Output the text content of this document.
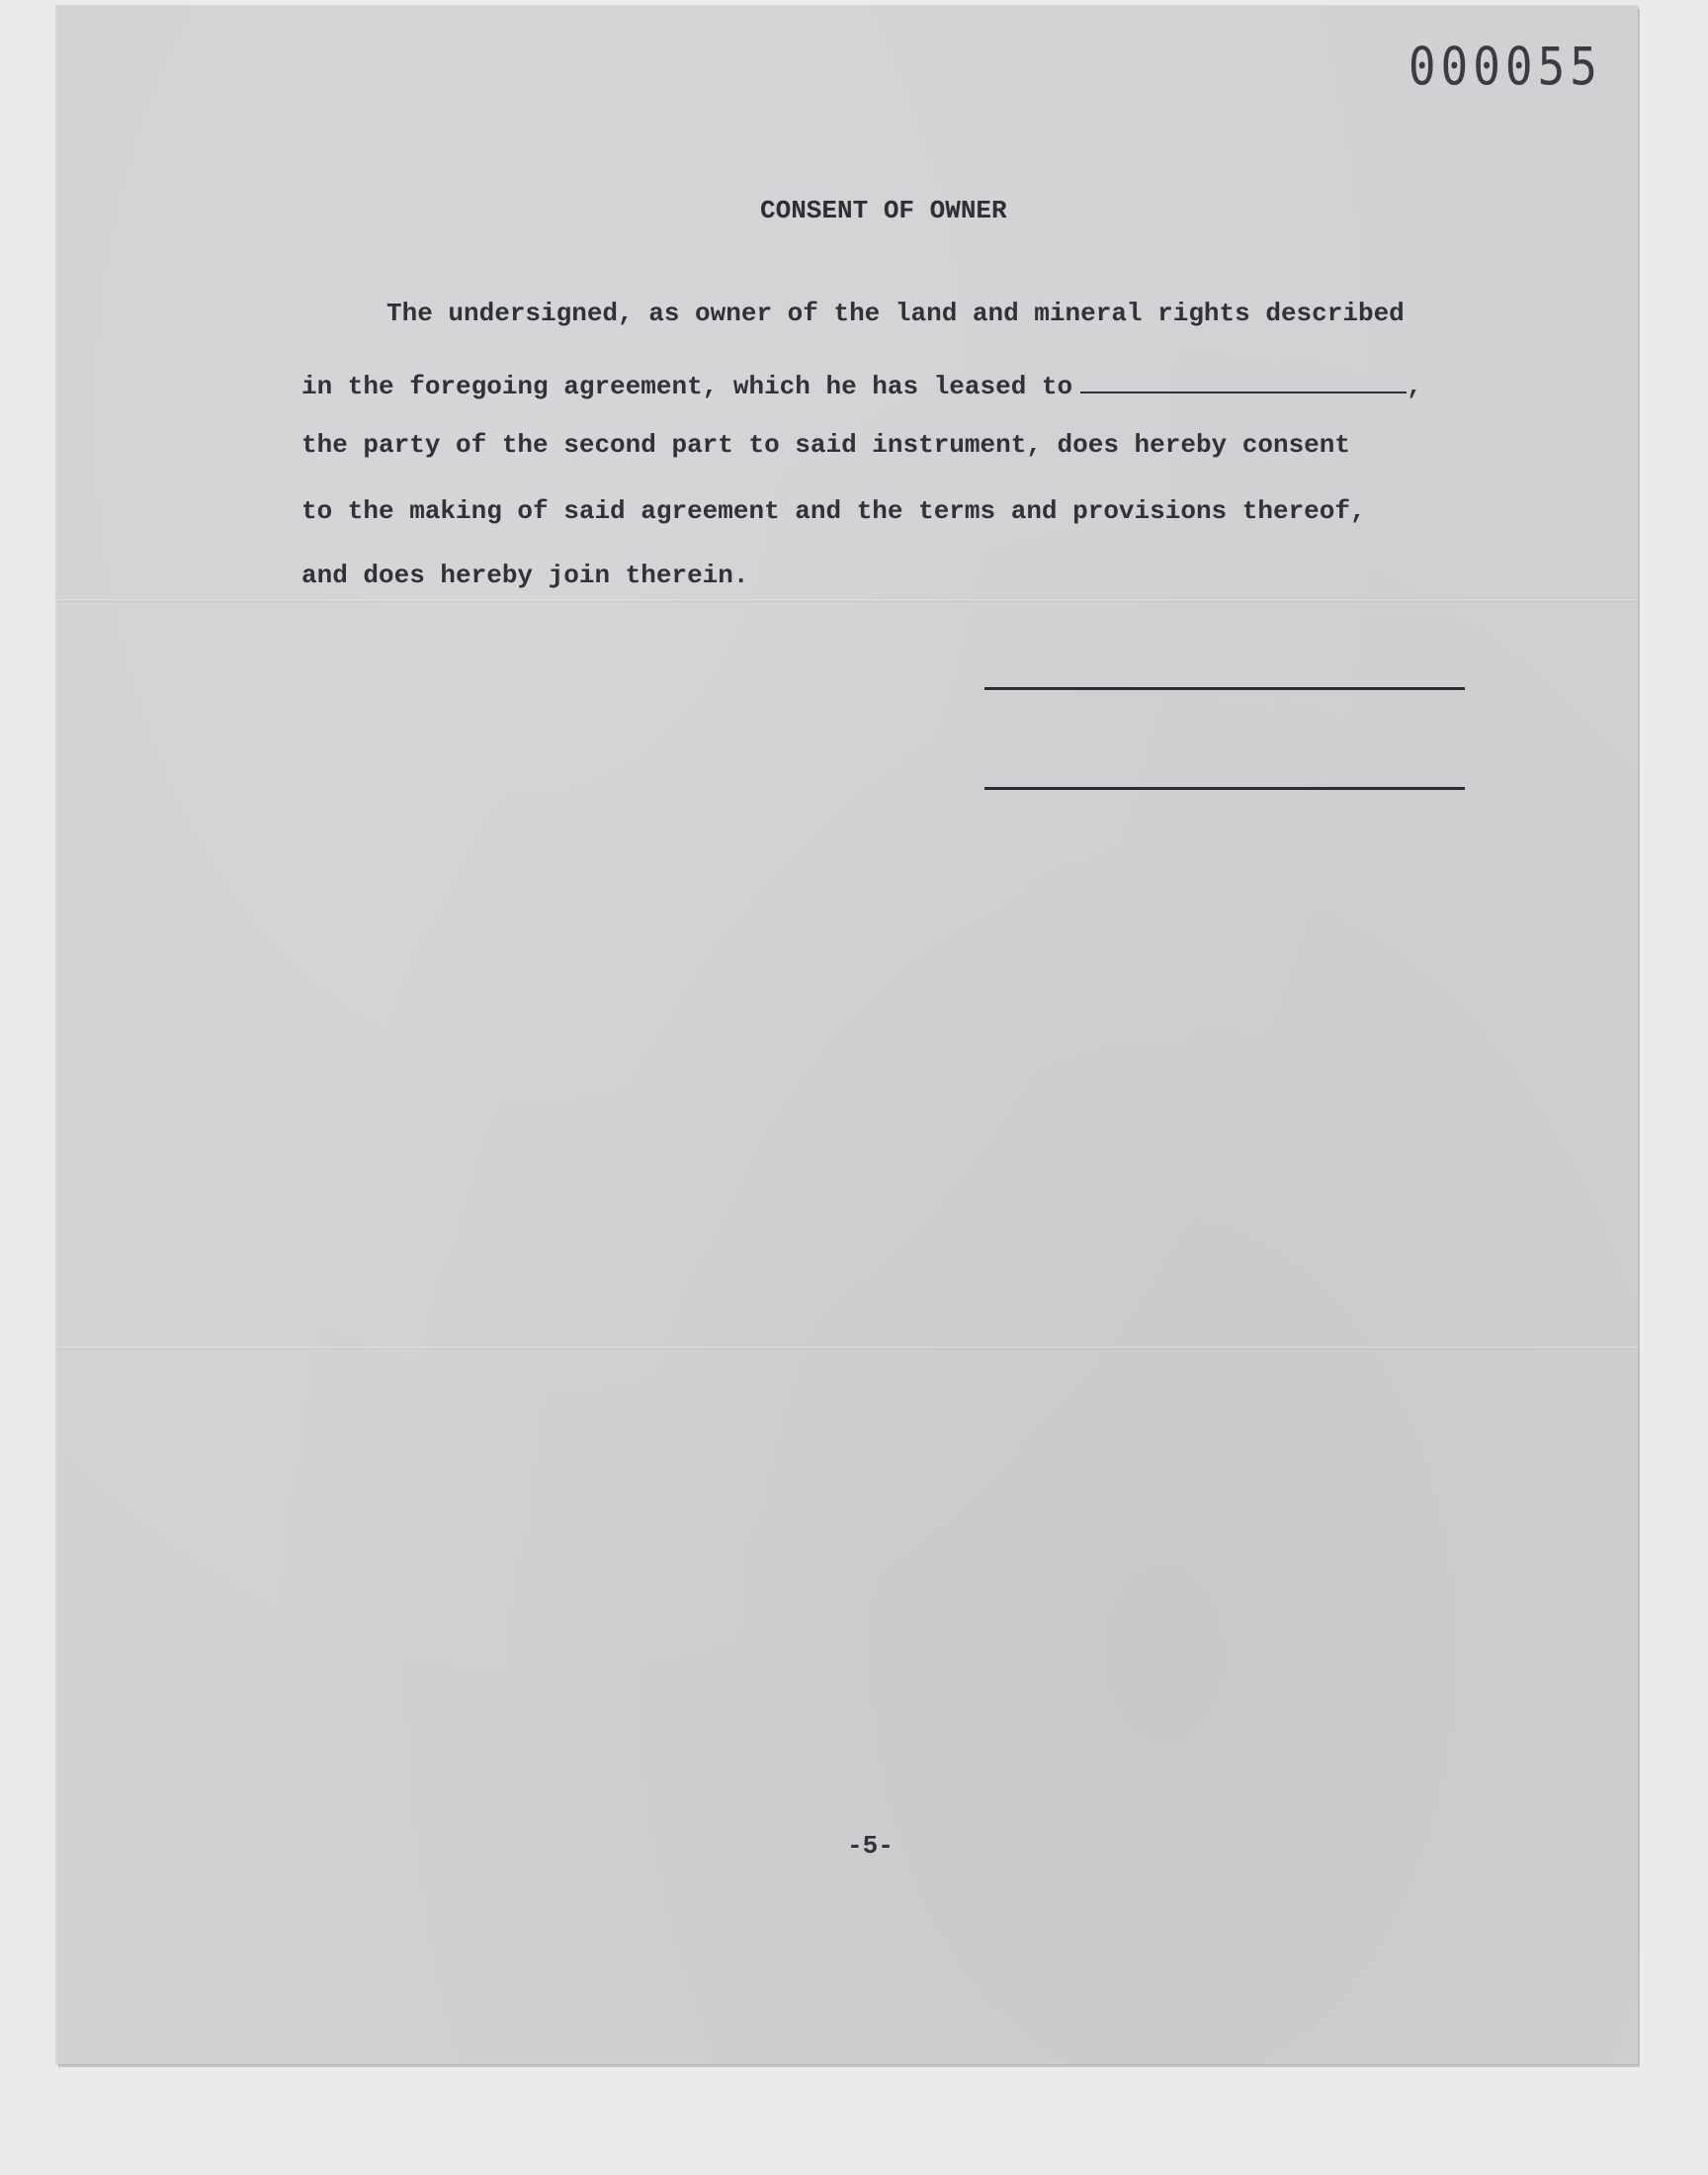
000055
CONSENT OF OWNER
The undersigned, as owner of the land and mineral rights described
in the foregoing agreement, which he has leased to	,
the party of the second part to said instrument, does hereby consent
to the making of said agreement and the terms and provisions thereof,
and does hereby join therein.
-5-
